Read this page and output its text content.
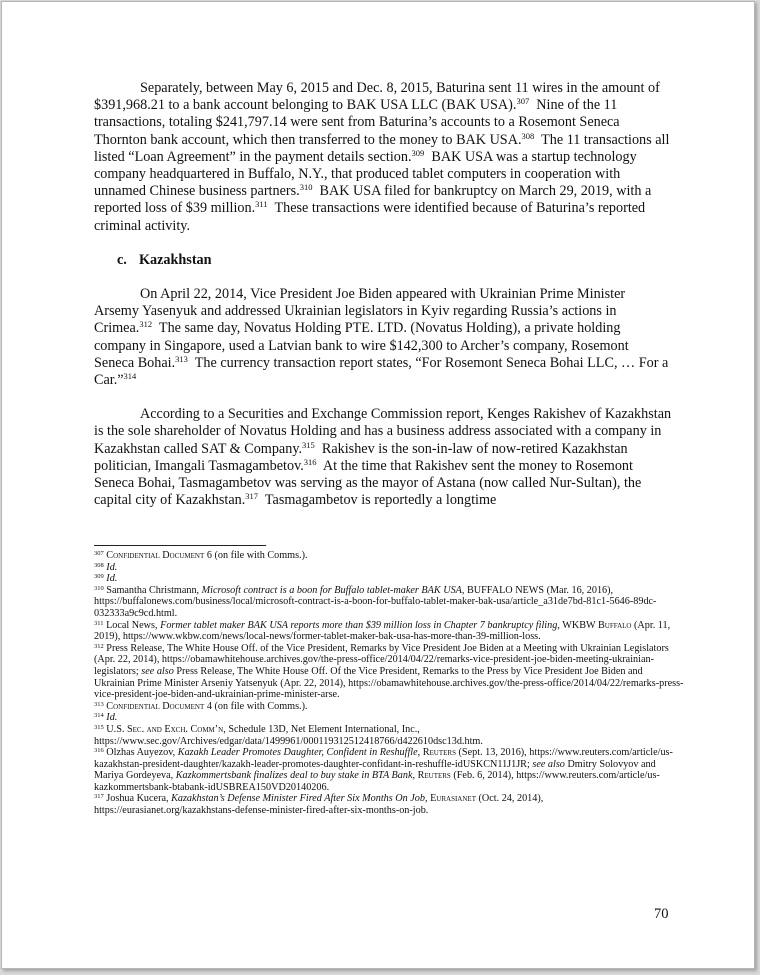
Separately, between May 6, 2015 and Dec. 8, 2015, Baturina sent 11 wires in the amount of $391,968.21 to a bank account belonging to BAK USA LLC (BAK USA).$^{307}$ Nine of the 11 transactions, totaling $241,797.14 were sent from Baturina’s accounts to a Rosemont Seneca Thornton bank account, which then transferred to the money to BAK USA.$^{308}$ The 11 transactions all listed “Loan Agreement” in the payment details section.$^{309}$ BAK USA was a startup technology company headquartered in Buffalo, N.Y., that produced tablet computers in cooperation with unnamed Chinese business partners.$^{310}$ BAK USA filed for bankruptcy on March 29, 2019, with a reported loss of $39 million.$^{311}$ These transactions were identified because of Baturina’s reported criminal activity.

c. Kazakhstan

On April 22, 2014, Vice President Joe Biden appeared with Ukrainian Prime Minister Arsemy Yasenyuk and addressed Ukrainian legislators in Kyiv regarding Russia’s actions in Crimea.$^{312}$ The same day, Novatus Holding PTE. LTD. (Novatus Holding), a private holding company in Singapore, used a Latvian bank to wire $142,300 to Archer’s company, Rosemont Seneca Bohai.$^{313}$ The currency transaction report states, “For Rosemont Seneca Bohai LLC, … For a Car.”$^{314}$

According to a Securities and Exchange Commission report, Kenges Rakishev of Kazakhstan is the sole shareholder of Novatus Holding and has a business address associated with a company in Kazakhstan called SAT & Company.$^{315}$ Rakishev is the son-in-law of now-retired Kazakhstan politician, Imangali Tasmagambetov.$^{316}$ At the time that Rakishev sent the money to Rosemont Seneca Bohai, Tasmagambetov was serving as the mayor of Astana (now called Nur-Sultan), the capital city of Kazakhstan.$^{317}$ Tasmagambetov is reportedly a longtime

$^{307}$ Confidential Document 6 (on file with Comms.).

$^{308}$ Id.

$^{309}$ Id.

$^{310}$ Samantha Christmann, Microsoft contract is a boon for Buffalo tablet-maker BAK USA, BUFFALO NEWS (Mar. 16, 2016), https://buffalonews.com/business/local/microsoft-contract-is-a-boon-for-buffalo-tablet-maker-bak-usa/article_a31de7bd-81c1-5646-89dc-032333a9c9cd.html.

$^{311}$ Local News, Former tablet maker BAK USA reports more than $39 million loss in Chapter 7 bankruptcy filing, WKBW Buffalo (Apr. 11, 2019), https://www.wkbw.com/news/local-news/former-tablet-maker-bak-usa-has-more-than-39-million-loss.

$^{312}$ Press Release, The White House Off. of the Vice President, Remarks by Vice President Joe Biden at a Meeting with Ukrainian Legislators (Apr. 22, 2014), https://obamawhitehouse.archives.gov/the-press-office/2014/04/22/remarks-vice-president-joe-biden-meeting-ukrainian-legislators; see also Press Release, The White House Off. Of the Vice President, Remarks to the Press by Vice President Joe Biden and Ukrainian Prime Minister Arseniy Yatsenyuk (Apr. 22, 2014), https://obamawhitehouse.archives.gov/the-press-office/2014/04/22/remarks-press-vice-president-joe-biden-and-ukrainian-prime-minister-arse.

$^{313}$ Confidential Document 4 (on file with Comms.).

$^{314}$ Id.

$^{315}$ U.S. Sec. and Exch. Comm’n, Schedule 13D, Net Element International, Inc., https://www.sec.gov/Archives/edgar/data/1499961/000119312512418766/d422610dsc13d.htm.

$^{316}$ Olzhas Auyezov, Kazakh Leader Promotes Daughter, Confident in Reshuffle, Reuters (Sept. 13, 2016), https://www.reuters.com/article/us-kazakhstan-president-daughter/kazakh-leader-promotes-daughter-confidant-in-reshuffle-idUSKCN11J1JR; see also Dmitry Solovyov and Mariya Gordeyeva, Kazkommertsbank finalizes deal to buy stake in BTA Bank, Reuters (Feb. 6, 2014), https://www.reuters.com/article/us-kazkommertsbank-btabank-idUSBREA150VD20140206.

$^{317}$ Joshua Kucera, Kazakhstan’s Defense Minister Fired After Six Months On Job, Eurasianet (Oct. 24, 2014), https://eurasianet.org/kazakhstans-defense-minister-fired-after-six-months-on-job.

70
